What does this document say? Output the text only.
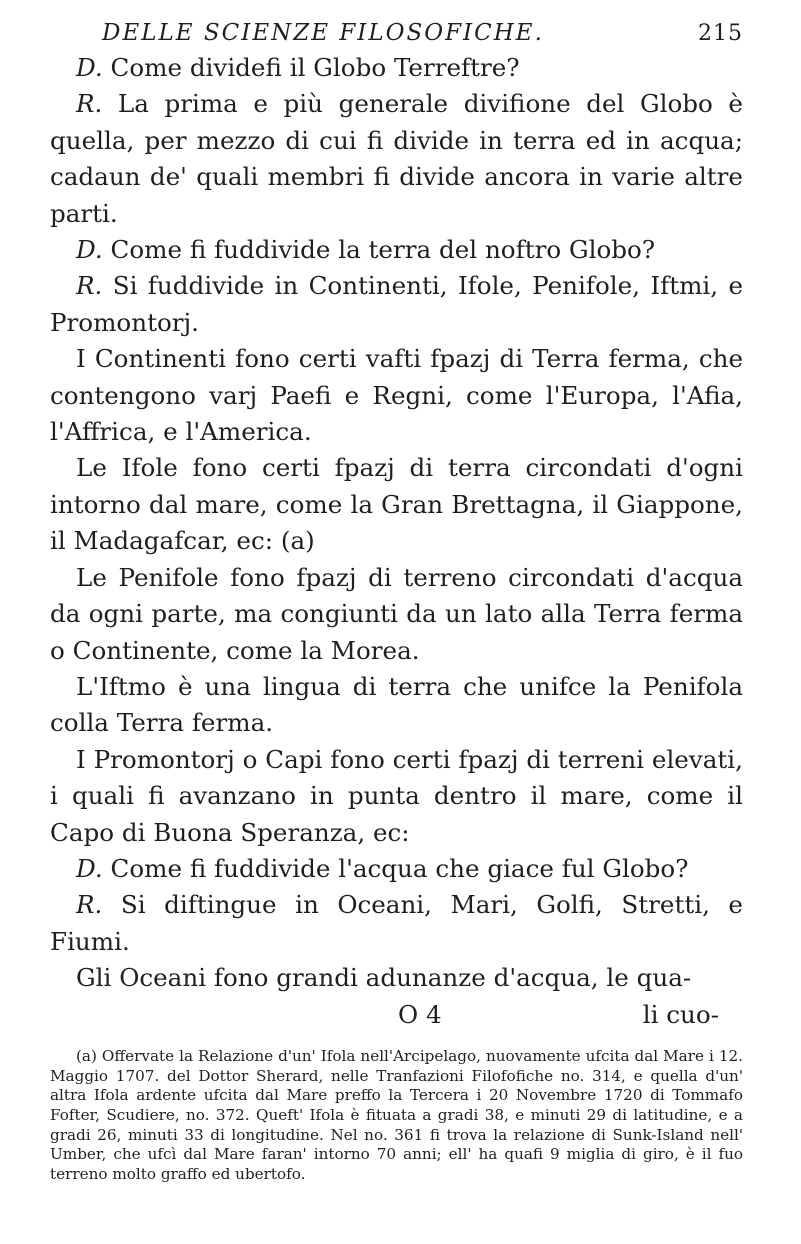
DELLE SCIENZE FILOSOFICHE.	215

D. Come dividefi il Globo Terreftre?

R. La prima e più generale divifione del Globo è quella, per mezzo di cui fi divide in terra ed in acqua; cadaun de' quali membri fi divide ancora in varie altre parti.

D. Come fi fuddivide la terra del noftro Globo?

R. Si fuddivide in Continenti, Ifole, Penifole, Iftmi, e Promontorj.

I Continenti fono certi vafti fpazj di Terra ferma, che contengono varj Paefi e Regni, come l'Europa, l'Afia, l'Affrica, e l'America.

Le Ifole fono certi fpazj di terra circondati d'ogni intorno dal mare, come la Gran Brettagna, il Giappone, il Madagafcar, ec: (a)

Le Penifole fono fpazj di terreno circondati d'acqua da ogni parte, ma congiunti da un lato alla Terra ferma o Continente, come la Morea.

L'Iftmo è una lingua di terra che unifce la Penifola colla Terra ferma.

I Promontorj o Capi fono certi fpazj di terreni elevati, i quali fi avanzano in punta dentro il mare, come il Capo di Buona Speranza, ec:

D. Come fi fuddivide l'acqua che giace ful Globo?

R. Si diftingue in Oceani, Mari, Golfi, Stretti, e Fiumi.

Gli Oceani fono grandi adunanze d'acqua, le qua-

O 4	li cuo-
(a) Offervate la Relazione d'un' Ifola nell'Arcipelago, nuovamente ufcita dal Mare i 12. Maggio 1707. del Dottor Sherard, nelle Tranfazioni Filofofiche no. 314, e quella d'un' altra Ifola ardente ufcita dal Mare preffo la Tercera i 20 Novembre 1720 di Tommafo Fofter, Scudiere, no. 372. Queft' Ifola è fituata a gradi 38, e minuti 29 di latitudine, e a gradi 26, minuti 33 di longitudine. Nel no. 361 fi trova la relazione di Sunk-Island nell' Umber, che ufcì dal Mare faran' intorno 70 anni; ell' ha quafi 9 miglia di giro, è il fuo terreno molto graffo ed ubertofo.
